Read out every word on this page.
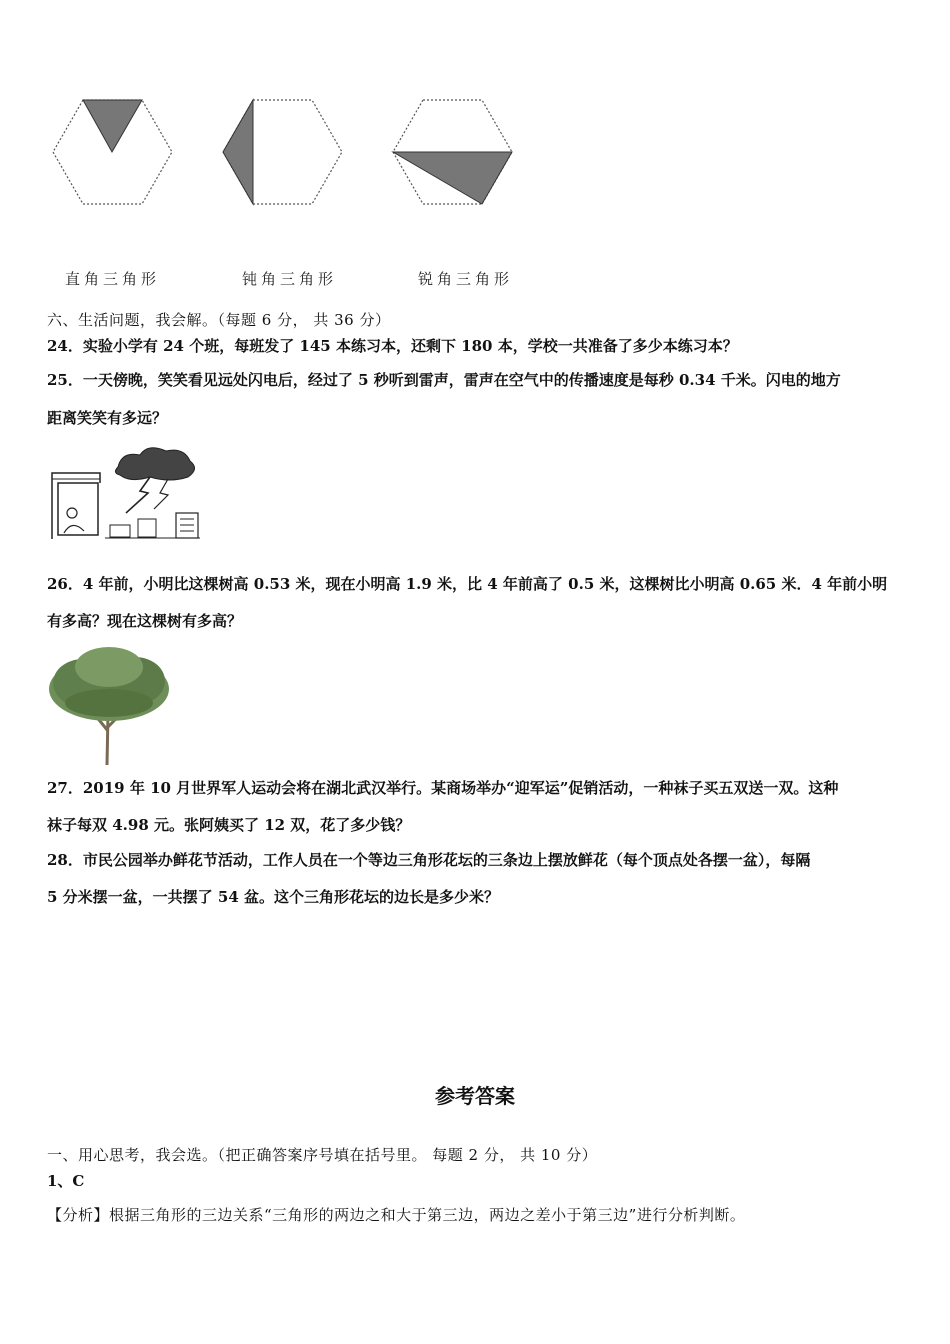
直角三角形	钝角三角形	锐角三角形
六、生活问题，我会解。（每题 6 分， 共 36 分）
24．实验小学有 24 个班，每班发了 145 本练习本，还剩下 180 本，学校一共准备了多少本练习本？
25．一天傍晚，笑笑看见远处闪电后，经过了 5 秒听到雷声，雷声在空气中的传播速度是每秒 0.34 千米。闪电的地方
距离笑笑有多远？
26．4 年前，小明比这棵树高 0.53 米，现在小明高 1.9 米，比 4 年前高了 0.5 米，这棵树比小明高 0.65 米．4 年前小明
有多高？现在这棵树有多高？
27．2019 年 10 月世界军人运动会将在湖北武汉举行。某商场举办“迎军运”促销活动，一种袜子买五双送一双。这种
袜子每双 4.98 元。张阿姨买了 12 双，花了多少钱？
28．市民公园举办鲜花节活动，工作人员在一个等边三角形花坛的三条边上摆放鲜花（每个顶点处各摆一盆），每隔
5 分米摆一盆，一共摆了 54 盆。这个三角形花坛的边长是多少米？
参考答案
一、用心思考，我会选。（把正确答案序号填在括号里。 每题 2 分， 共 10 分）
1、C
【分析】根据三角形的三边关系“三角形的两边之和大于第三边，两边之差小于第三边”进行分析判断。
